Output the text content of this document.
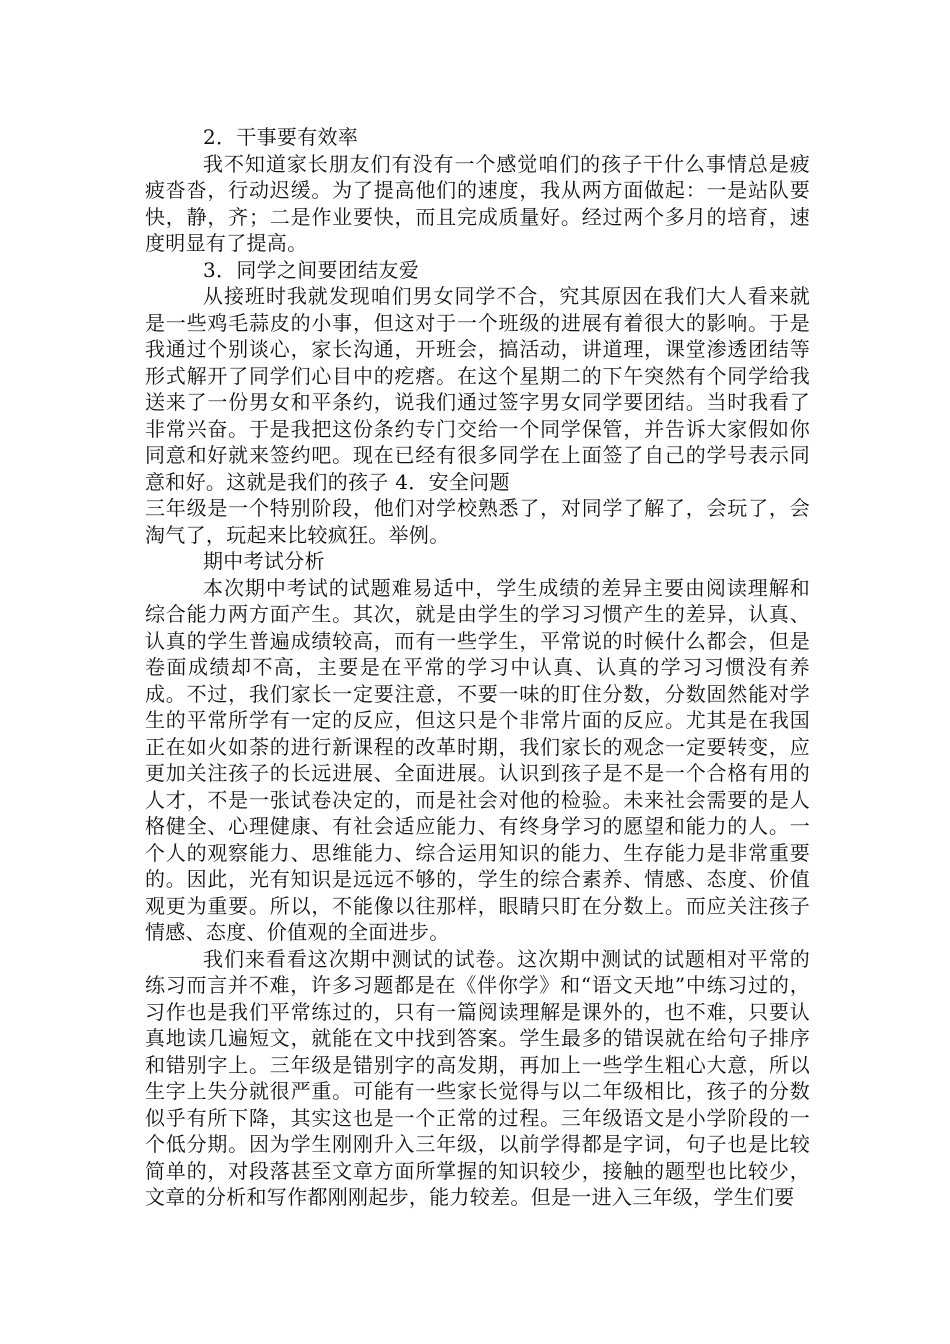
2．干事要有效率

我不知道家长朋友们有没有一个感觉咱们的孩子干什么事情总是疲疲沓沓，行动迟缓。为了提高他们的速度，我从两方面做起：一是站队要快，静，齐；二是作业要快，而且完成质量好。经过两个多月的培育，速度明显有了提高。

3．同学之间要团结友爱

从接班时我就发现咱们男女同学不合，究其原因在我们大人看来就是一些鸡毛蒜皮的小事，但这对于一个班级的进展有着很大的影响。于是我通过个别谈心，家长沟通，开班会，搞活动，讲道理，课堂渗透团结等形式解开了同学们心目中的疙瘩。在这个星期二的下午突然有个同学给我送来了一份男女和平条约，说我们通过签字男女同学要团结。当时我看了非常兴奋。于是我把这份条约专门交给一个同学保管，并告诉大家假如你同意和好就来签约吧。现在已经有很多同学在上面签了自己的学号表示同意和好。这就是我们的孩子 4．安全问题

三年级是一个特别阶段，他们对学校熟悉了，对同学了解了，会玩了，会淘气了，玩起来比较疯狂。举例。

期中考试分析

本次期中考试的试题难易适中，学生成绩的差异主要由阅读理解和综合能力两方面产生。其次，就是由学生的学习习惯产生的差异，认真、认真的学生普遍成绩较高，而有一些学生，平常说的时候什么都会，但是卷面成绩却不高，主要是在平常的学习中认真、认真的学习习惯没有养成。不过，我们家长一定要注意，不要一味的盯住分数，分数固然能对学生的平常所学有一定的反应，但这只是个非常片面的反应。尤其是在我国正在如火如荼的进行新课程的改革时期，我们家长的观念一定要转变，应更加关注孩子的长远进展、全面进展。认识到孩子是不是一个合格有用的人才，不是一张试卷决定的，而是社会对他的检验。未来社会需要的是人格健全、心理健康、有社会适应能力、有终身学习的愿望和能力的人。一个人的观察能力、思维能力、综合运用知识的能力、生存能力是非常重要的。因此，光有知识是远远不够的，学生的综合素养、情感、态度、价值观更为重要。所以，不能像以往那样，眼睛只盯在分数上。而应关注孩子情感、态度、价值观的全面进步。

我们来看看这次期中测试的试卷。这次期中测试的试题相对平常的练习而言并不难，许多习题都是在《伴你学》和“语文天地”中练习过的，习作也是我们平常练过的，只有一篇阅读理解是课外的，也不难，只要认真地读几遍短文，就能在文中找到答案。学生最多的错误就在给句子排序和错别字上。三年级是错别字的高发期，再加上一些学生粗心大意，所以生字上失分就很严重。可能有一些家长觉得与以二年级相比，孩子的分数似乎有所下降，其实这也是一个正常的过程。三年级语文是小学阶段的一个低分期。因为学生刚刚升入三年级，以前学得都是字词，句子也是比较简单的，对段落甚至文章方面所掌握的知识较少，接触的题型也比较少，文章的分析和写作都刚刚起步，能力较差。但是一进入三年级，学生们要
